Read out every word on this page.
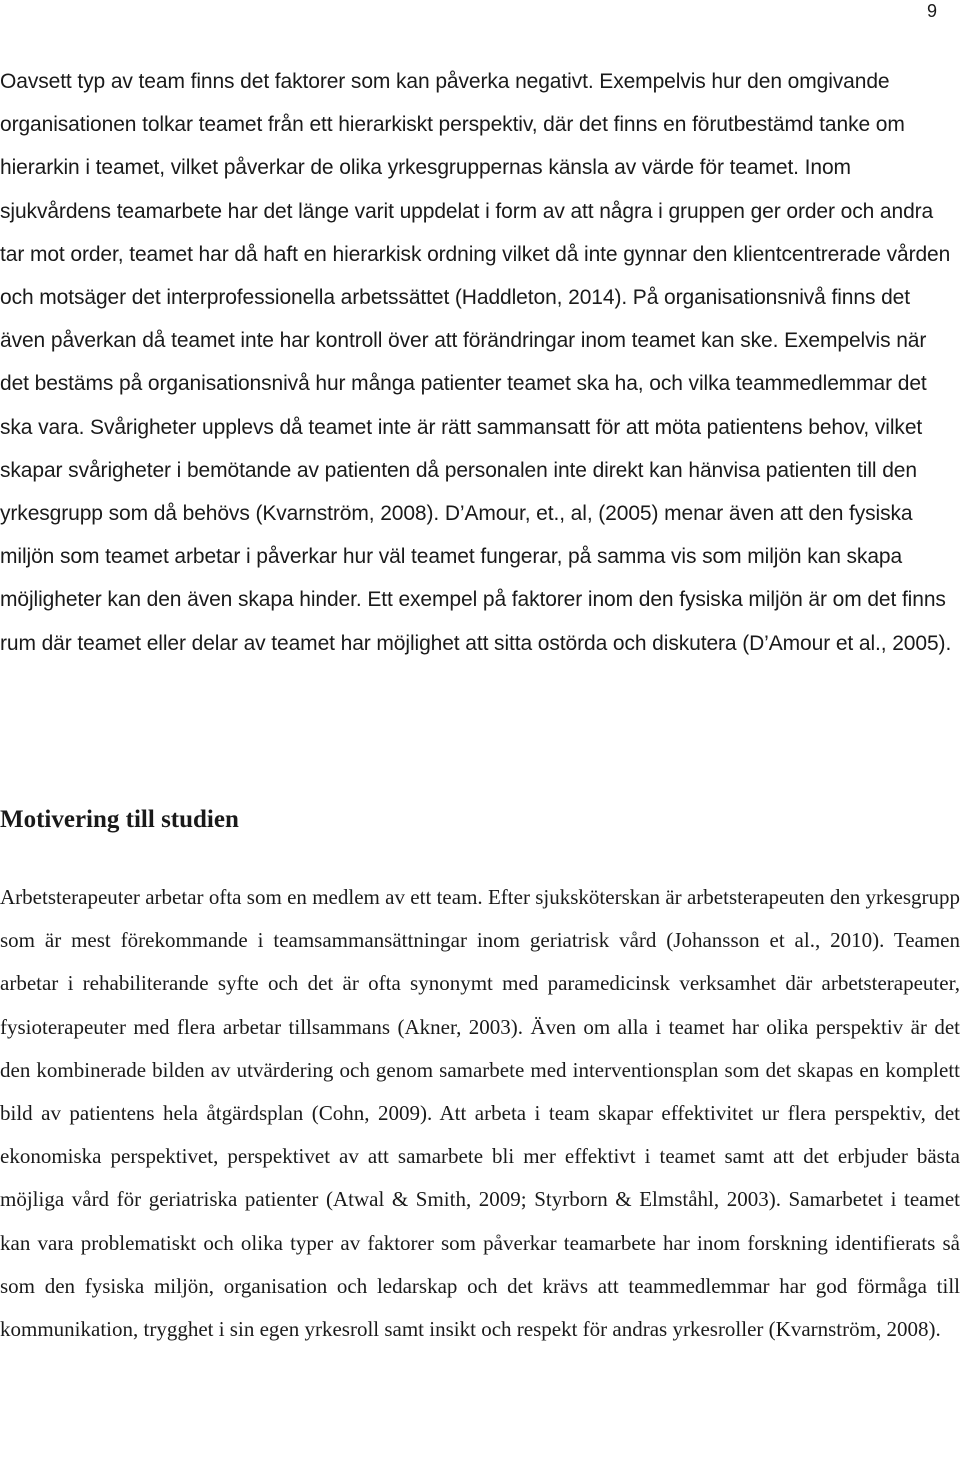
9

Oavsett typ av team finns det faktorer som kan påverka negativt. Exempelvis hur den omgivande organisationen tolkar teamet från ett hierarkiskt perspektiv, där det finns en förutbestämd tanke om hierarkin i teamet, vilket påverkar de olika yrkesgruppernas känsla av värde för teamet. Inom sjukvårdens teamarbete har det länge varit uppdelat i form av att några i gruppen ger order och andra tar mot order, teamet har då haft en hierarkisk ordning vilket då inte gynnar den klientcentrerade vården och motsäger det interprofessionella arbetssättet (Haddleton, 2014). På organisationsnivå finns det även påverkan då teamet inte har kontroll över att förändringar inom teamet kan ske. Exempelvis när det bestäms på organisationsnivå hur många patienter teamet ska ha, och vilka teammedlemmar det ska vara. Svårigheter upplevs då teamet inte är rätt sammansatt för att möta patientens behov, vilket skapar svårigheter i bemötande av patienten då personalen inte direkt kan hänvisa patienten till den yrkesgrupp som då behövs (Kvarnström, 2008). D’Amour, et., al, (2005) menar även att den fysiska miljön som teamet arbetar i påverkar hur väl teamet fungerar, på samma vis som miljön kan skapa möjligheter kan den även skapa hinder. Ett exempel på faktorer inom den fysiska miljön är om det finns rum där teamet eller delar av teamet har möjlighet att sitta ostörda och diskutera (D’Amour et al., 2005).

Motivering till studien

Arbetsterapeuter arbetar ofta som en medlem av ett team. Efter sjuksköterskan är arbetsterapeuten den yrkesgrupp som är mest förekommande i teamsammansättningar inom geriatrisk vård (Johansson et al., 2010). Teamen arbetar i rehabiliterande syfte och det är ofta synonymt med paramedicinsk verksamhet där arbetsterapeuter, fysioterapeuter med flera arbetar tillsammans (Akner, 2003). Även om alla i teamet har olika perspektiv är det den kombinerade bilden av utvärdering och genom samarbete med interventionsplan som det skapas en komplett bild av patientens hela åtgärdsplan (Cohn, 2009). Att arbeta i team skapar effektivitet ur flera perspektiv, det ekonomiska perspektivet, perspektivet av att samarbete bli mer effektivt i teamet samt att det erbjuder bästa möjliga vård för geriatriska patienter (Atwal & Smith, 2009; Styrborn & Elmståhl, 2003). Samarbetet i teamet kan vara problematiskt och olika typer av faktorer som påverkar teamarbete har inom forskning identifierats så som den fysiska miljön, organisation och ledarskap och det krävs att teammedlemmar har god förmåga till kommunikation, trygghet i sin egen yrkesroll samt insikt och respekt för andras yrkesroller (Kvarnström, 2008).
